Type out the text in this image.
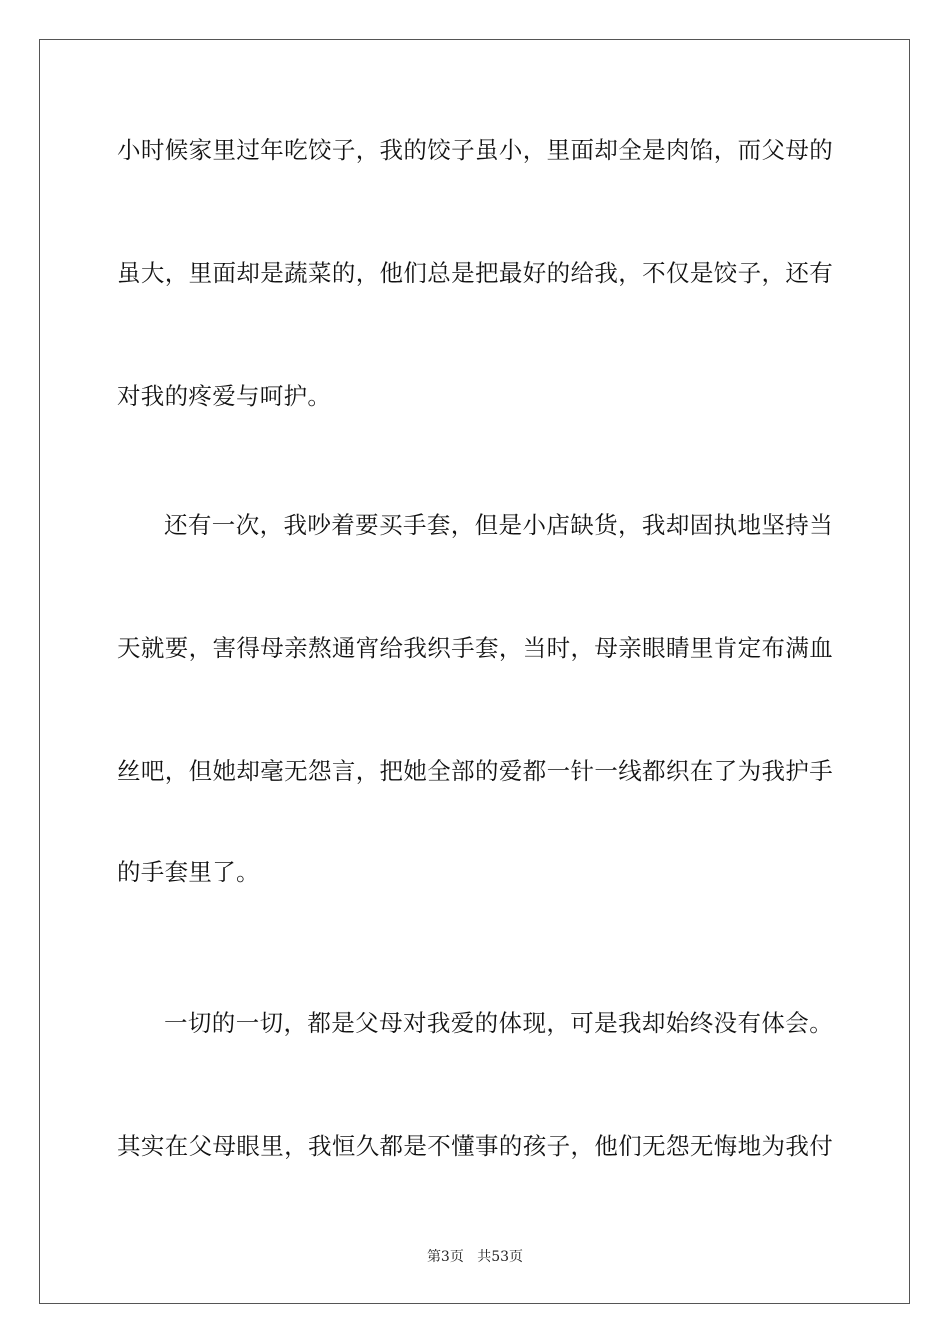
小时候家里过年吃饺子，我的饺子虽小，里面却全是肉馅，而父母的
虽大，里面却是蔬菜的，他们总是把最好的给我，不仅是饺子，还有
对我的疼爱与呵护。
还有一次，我吵着要买手套，但是小店缺货，我却固执地坚持当
天就要，害得母亲熬通宵给我织手套，当时，母亲眼睛里肯定布满血
丝吧，但她却毫无怨言，把她全部的爱都一针一线都织在了为我护手
的手套里了。
一切的一切，都是父母对我爱的体现，可是我却始终没有体会。
其实在父母眼里，我恒久都是不懂事的孩子，他们无怨无悔地为我付
第3页 共53页
